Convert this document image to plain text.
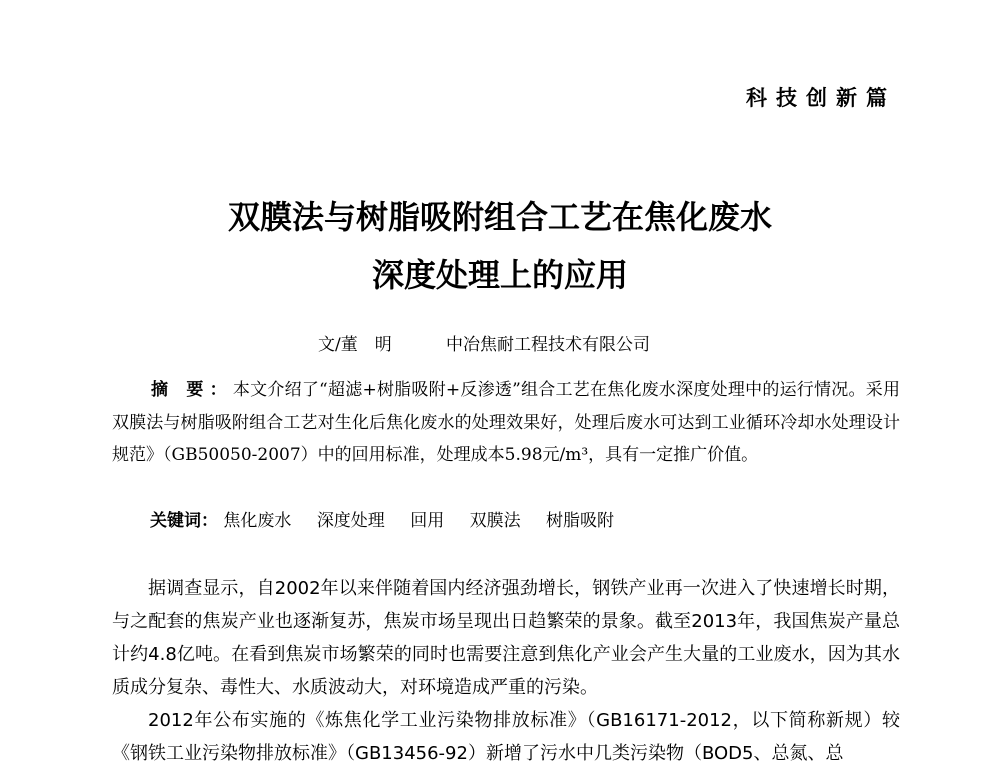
科技创新篇
双膜法与树脂吸附组合工艺在焦化废水
深度处理上的应用
文/董　明	中冶焦耐工程技术有限公司

摘 要：本文介绍了“超滤+树脂吸附+反渗透”组合工艺在焦化废水深度处理中的运行情况。采用双膜法与树脂吸附组合工艺对生化后焦化废水的处理效果好，处理后废水可达到工业循环冷却水处理设计规范》（GB50050-2007）中的回用标准，处理成本5.98元/m³，具有一定推广价值。

关键词： 焦化废水 深度处理 回用 双膜法 树脂吸附

据调查显示，自2002年以来伴随着国内经济强劲增长，钢铁产业再一次进入了快速增长时期，与之配套的焦炭产业也逐渐复苏，焦炭市场呈现出日趋繁荣的景象。截至2013年，我国焦炭产量总计约4.8亿吨。在看到焦炭市场繁荣的同时也需要注意到焦化产业会产生大量的工业废水，因为其水质成分复杂、毒性大、水质波动大，对环境造成严重的污染。

2012年公布实施的《炼焦化学工业污染物排放标准》（GB16171-2012，以下简称新规）较《钢铁工业污染物排放标准》（GB13456-92）新增了污水中几类污染物（BOD5、总氮、总
